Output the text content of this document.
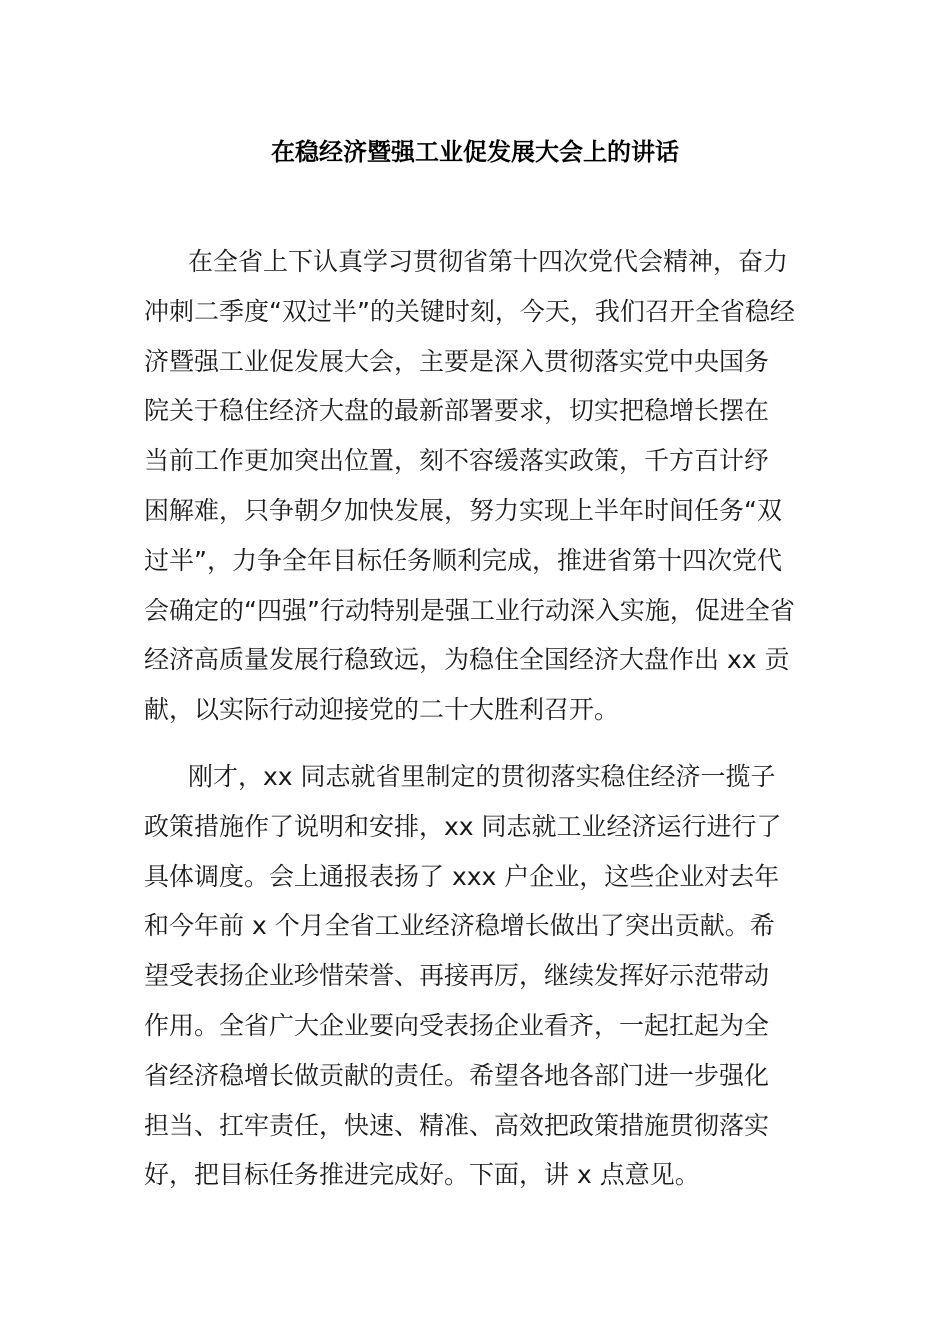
在稳经济暨强工业促发展大会上的讲话
在全省上下认真学习贯彻省第十四次党代会精神，奋力
冲刺二季度“双过半”的关键时刻，今天，我们召开全省稳经
济暨强工业促发展大会，主要是深入贯彻落实党中央国务
院关于稳住经济大盘的最新部署要求，切实把稳增长摆在
当前工作更加突出位置，刻不容缓落实政策，千方百计纾
困解难，只争朝夕加快发展，努力实现上半年时间任务“双
过半”，力争全年目标任务顺利完成，推进省第十四次党代
会确定的“四强”行动特别是强工业行动深入实施，促进全省
经济高质量发展行稳致远，为稳住全国经济大盘作出 xx 贡
献，以实际行动迎接党的二十大胜利召开。
刚才，xx 同志就省里制定的贯彻落实稳住经济一揽子
政策措施作了说明和安排，xx 同志就工业经济运行进行了
具体调度。会上通报表扬了 xxx 户企业，这些企业对去年
和今年前 x 个月全省工业经济稳增长做出了突出贡献。希
望受表扬企业珍惜荣誉、再接再厉，继续发挥好示范带动
作用。全省广大企业要向受表扬企业看齐，一起扛起为全
省经济稳增长做贡献的责任。希望各地各部门进一步强化
担当、扛牢责任，快速、精准、高效把政策措施贯彻落实
好，把目标任务推进完成好。下面，讲 x 点意见。
